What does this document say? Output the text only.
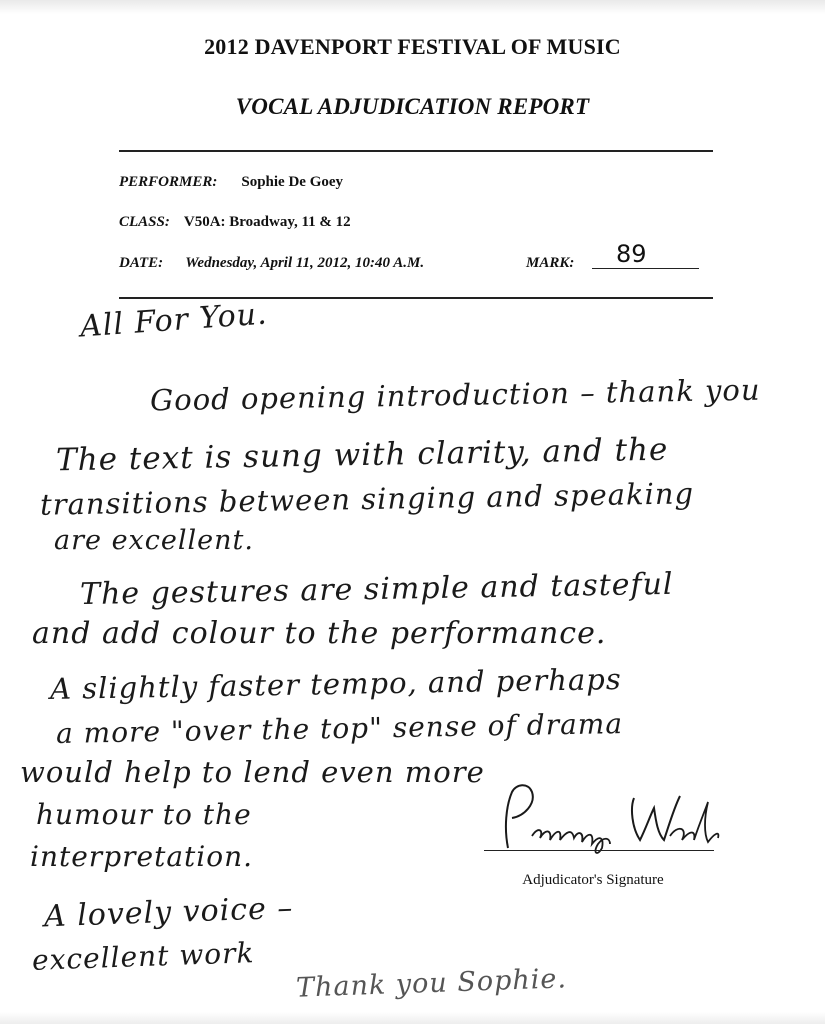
2012 DAVENPORT FESTIVAL OF MUSIC
VOCAL ADJUDICATION REPORT
PERFORMER: Sophie De Goey
CLASS: V50A: Broadway, 11 & 12
DATE: Wednesday, April 11, 2012, 10:40 A.M.	MARK: 89
All For You.
Good opening introduction – thank you
The text is sung with clarity, and the
transitions between singing and speaking
are excellent.
The gestures are simple and tasteful
and add colour to the performance.
A slightly faster tempo, and perhaps
a more "over the top" sense of drama
would help to lend even more
humour to the
interpretation.
A lovely voice –
excellent work
Thank you Sophie.
Adjudicator's Signature
